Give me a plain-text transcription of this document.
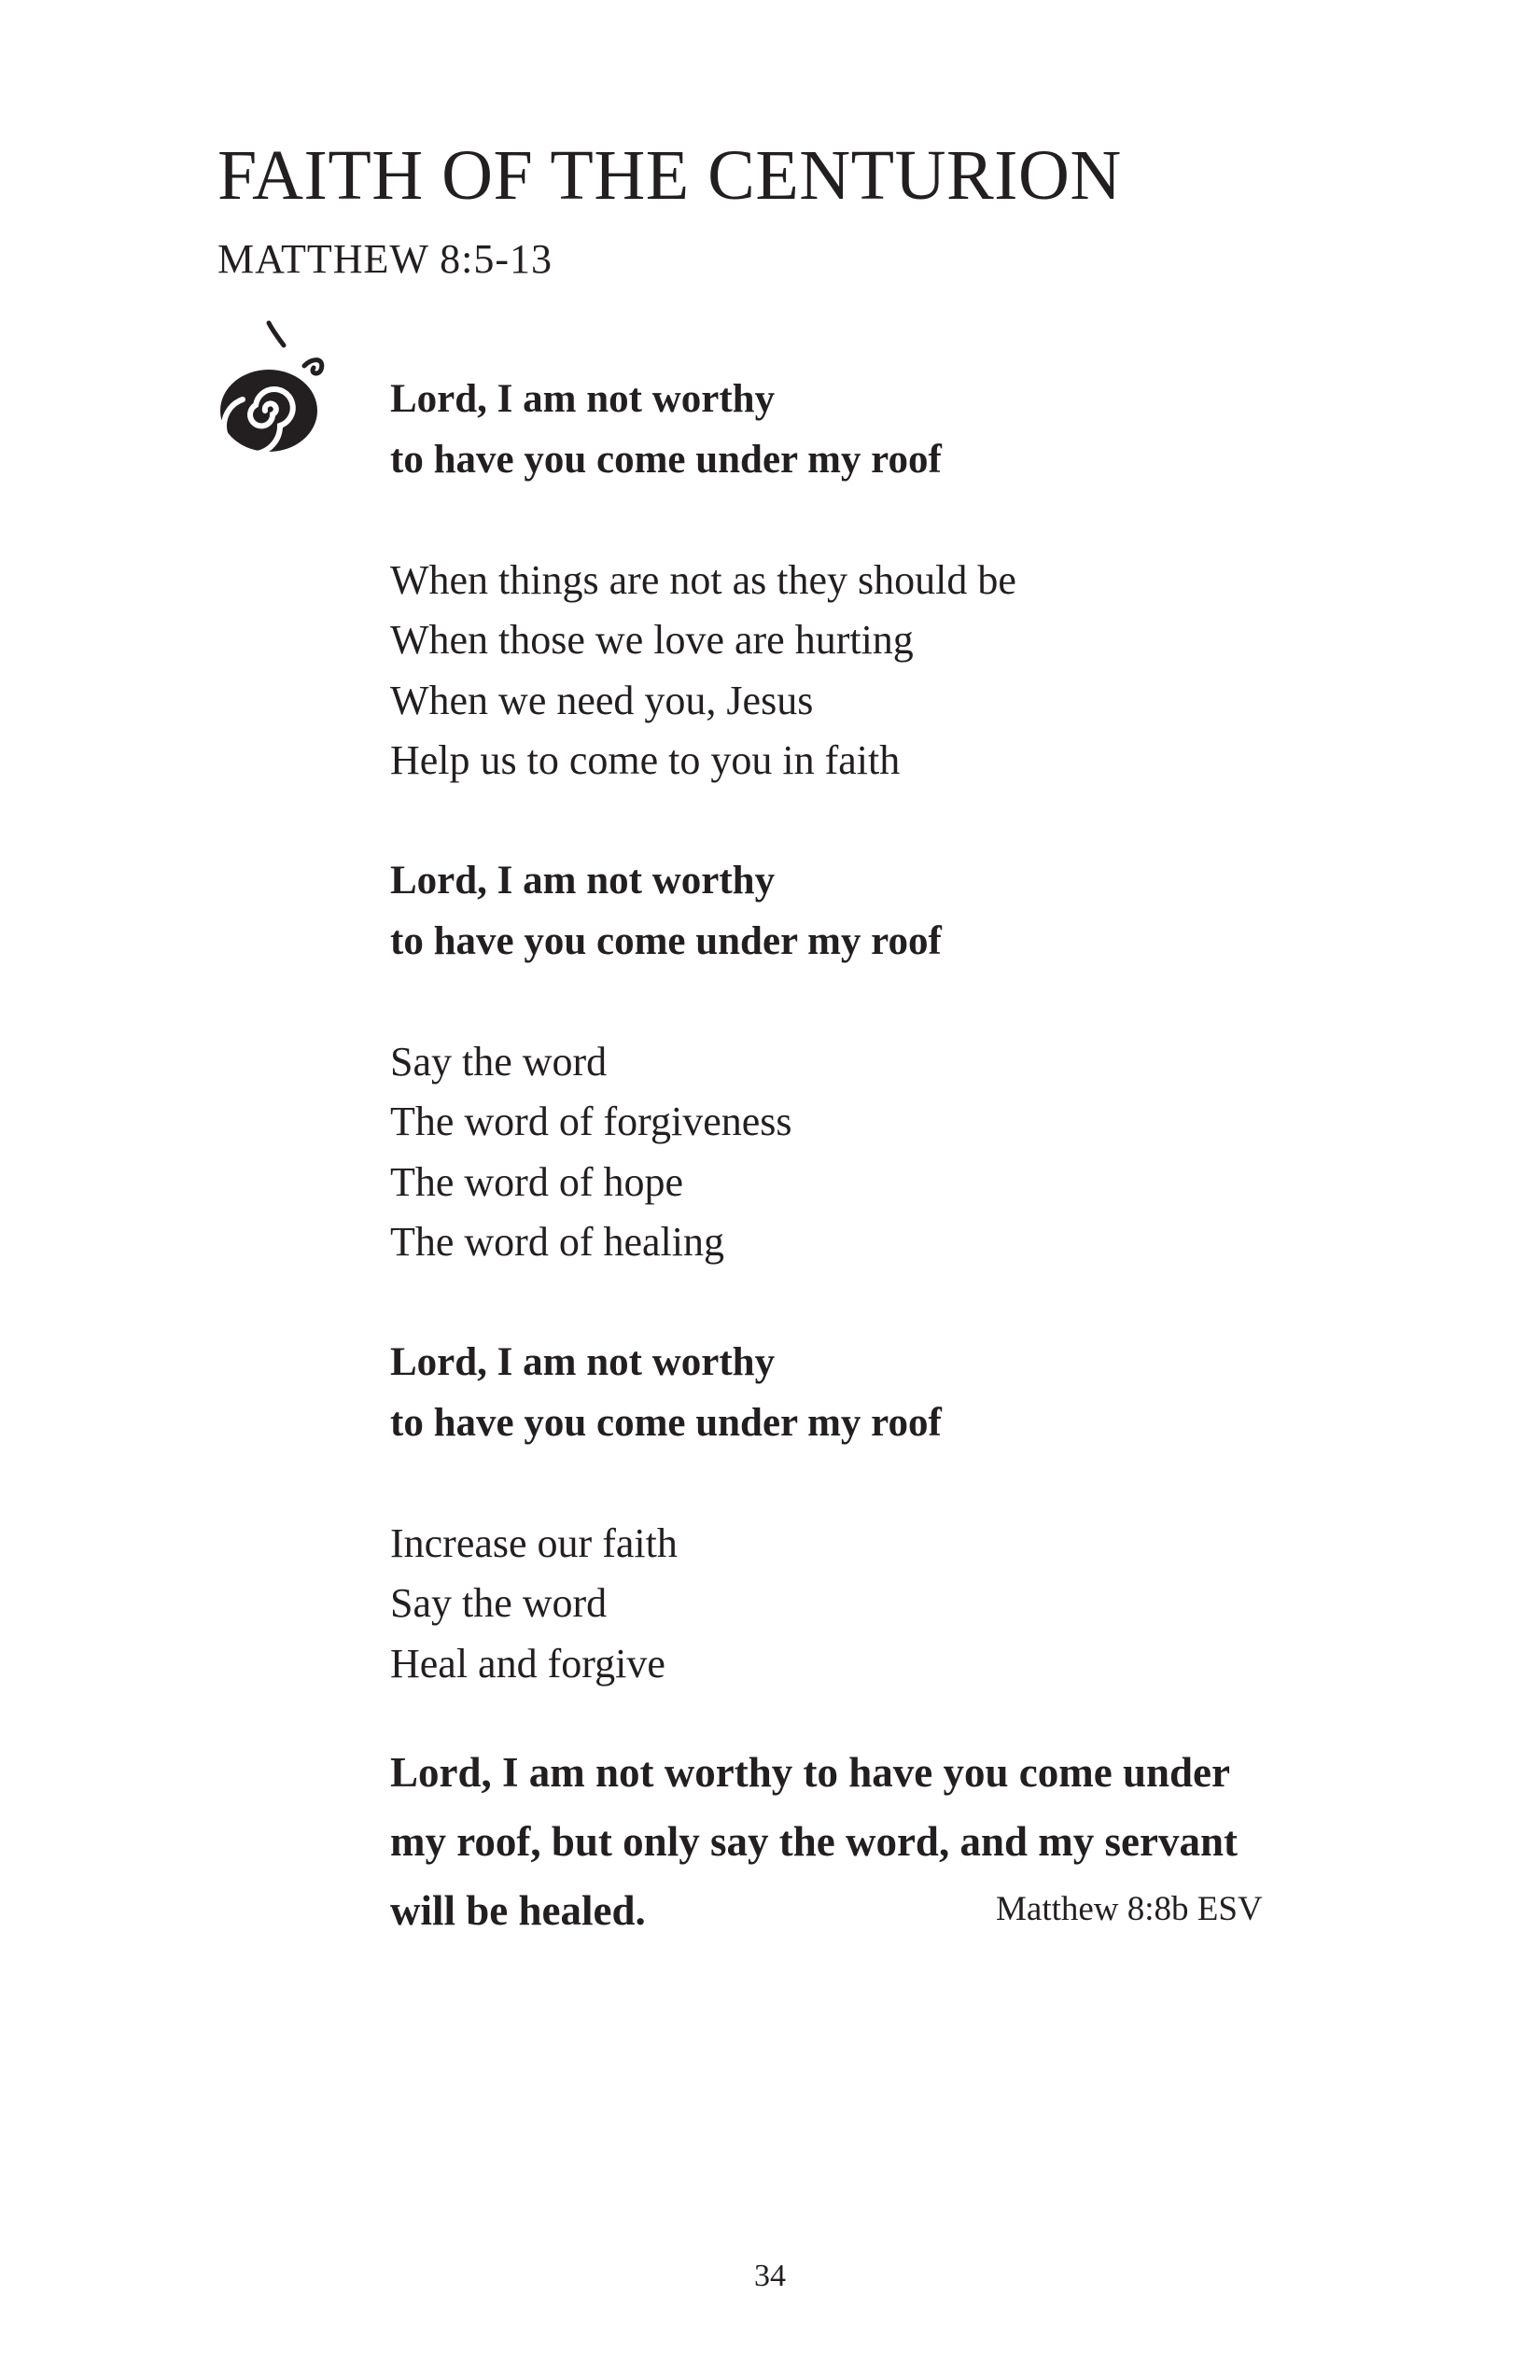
FAITH OF THE CENTURION

MATTHEW 8:5-13

Lord, I am not worthy
to have you come under my roof
When things are not as they should be
When those we love are hurting
When we need you, Jesus
Help us to come to you in faith
Lord, I am not worthy
to have you come under my roof
Say the word
The word of forgiveness
The word of hope
The word of healing
Lord, I am not worthy
to have you come under my roof
Increase our faith
Say the word
Heal and forgive
Lord, I am not worthy to have you come under
my roof, but only say the word, and my servant
will be healed.	Matthew 8:8b ESV
34
